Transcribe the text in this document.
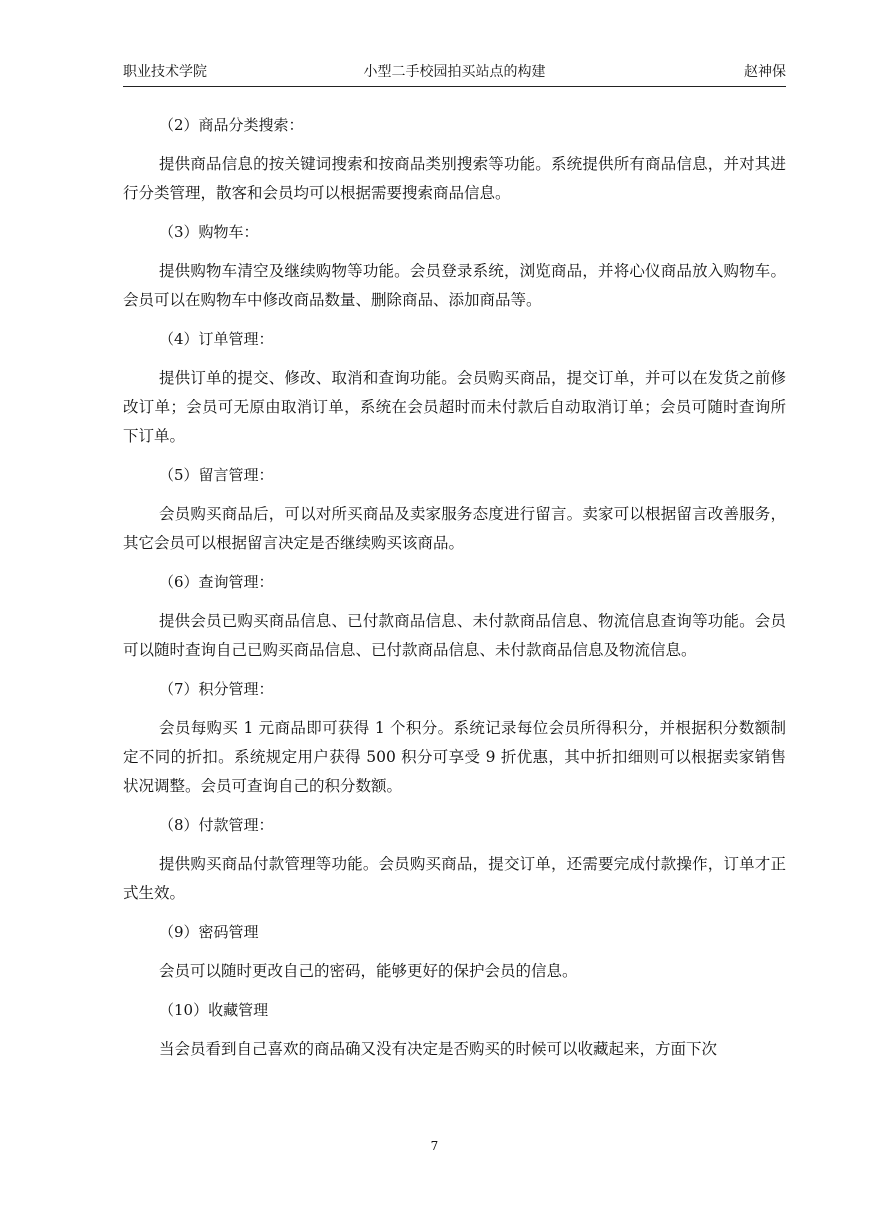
职业技术学院	小型二手校园拍买站点的构建	赵神保
（2）商品分类搜索：

提供商品信息的按关键词搜索和按商品类别搜索等功能。系统提供所有商品信息，并对其进行分类管理，散客和会员均可以根据需要搜索商品信息。

（3）购物车：

提供购物车清空及继续购物等功能。会员登录系统，浏览商品，并将心仪商品放入购物车。会员可以在购物车中修改商品数量、删除商品、添加商品等。

（4）订单管理：

提供订单的提交、修改、取消和查询功能。会员购买商品，提交订单，并可以在发货之前修改订单；会员可无原由取消订单，系统在会员超时而未付款后自动取消订单；会员可随时查询所下订单。

（5）留言管理：

会员购买商品后，可以对所买商品及卖家服务态度进行留言。卖家可以根据留言改善服务，其它会员可以根据留言决定是否继续购买该商品。

（6）查询管理：

提供会员已购买商品信息、已付款商品信息、未付款商品信息、物流信息查询等功能。会员可以随时查询自己已购买商品信息、已付款商品信息、未付款商品信息及物流信息。

（7）积分管理：

会员每购买 1 元商品即可获得 1 个积分。系统记录每位会员所得积分，并根据积分数额制定不同的折扣。系统规定用户获得 500 积分可享受 9 折优惠，其中折扣细则可以根据卖家销售状况调整。会员可查询自己的积分数额。

（8）付款管理：

提供购买商品付款管理等功能。会员购买商品，提交订单，还需要完成付款操作，订单才正式生效。

（9）密码管理

会员可以随时更改自己的密码，能够更好的保护会员的信息。

（10）收藏管理

当会员看到自己喜欢的商品确又没有决定是否购买的时候可以收藏起来，方面下次

7
